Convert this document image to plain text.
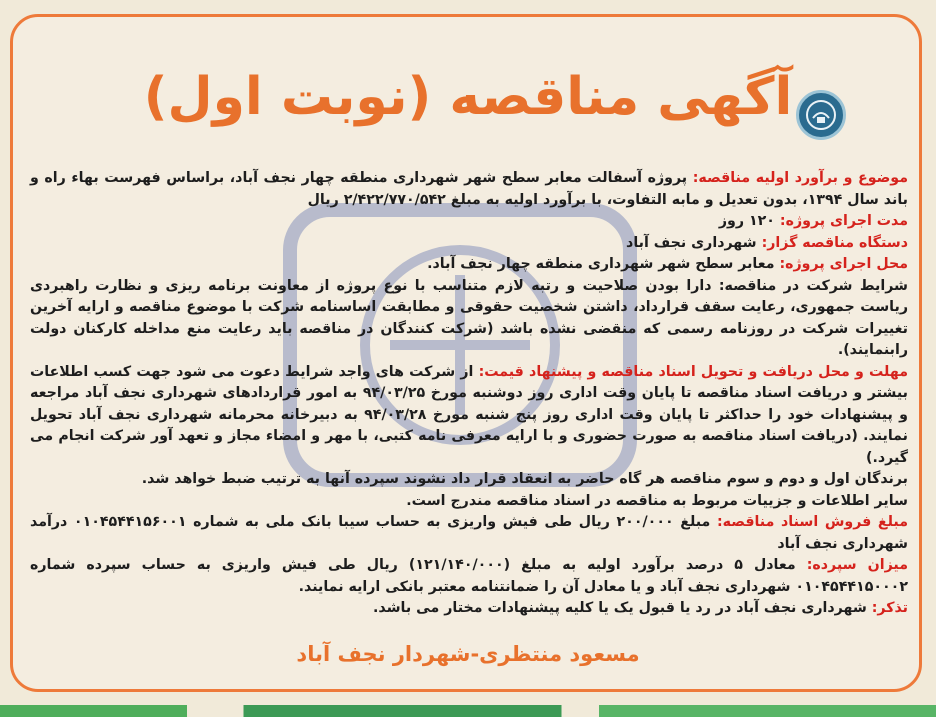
آگهی مناقصه (نوبت اول)

موضوع و برآورد اولیه مناقصه: پروژه آسفالت معابر سطح شهر شهرداری منطقه چهار نجف آباد، براساس فهرست بهاء راه و باند سال ۱۳۹۴، بدون تعدیل و مابه التفاوت، با برآورد اولیه به مبلغ ۲/۴۲۲/۷۷۰/۵۴۲ ریال

مدت اجرای پروژه: ۱۲۰ روز

دستگاه مناقصه گزار: شهرداری نجف آباد

محل اجرای پروژه: معابر سطح شهر شهرداری منطقه چهار نجف آباد.

شرایط شرکت در مناقصه: دارا بودن صلاحیت و رتبه لازم متناسب با نوع پروژه از معاونت برنامه ریزی و نظارت راهبردی ریاست جمهوری، رعایت سقف قرارداد، داشتن شخصیت حقوقی و مطابقت اساسنامه شرکت با موضوع مناقصه و ارایه آخرین تغییرات شرکت در روزنامه رسمی که منقضی نشده باشد (شرکت کنندگان در مناقصه باید رعایت منع مداخله کارکنان دولت رابنمایند).

مهلت و محل دریافت و تحویل اسناد مناقصه و پیشنهاد قیمت: از شرکت های واجد شرایط دعوت می شود جهت کسب اطلاعات بیشتر و دریافت اسناد مناقصه تا پایان وقت اداری روز دوشنبه مورخ ۹۴/۰۳/۲۵ به امور قراردادهای شهرداری نجف آباد مراجعه و پیشنهادات خود را حداکثر تا پایان وقت اداری روز پنج شنبه مورخ ۹۴/۰۳/۲۸ به دبیرخانه محرمانه شهرداری نجف آباد تحویل نمایند. (دریافت اسناد مناقصه به صورت حضوری و با ارایه معرفی نامه کتبی، با مهر و امضاء مجاز و تعهد آور شرکت انجام می گیرد.)

برندگان اول و دوم و سوم مناقصه هر گاه حاضر به انعقاد قرار داد نشوند سپرده آنها به ترتیب ضبط خواهد شد.

سایر اطلاعات و جزییات مربوط به مناقصه در اسناد مناقصه مندرج است.

مبلغ فروش اسناد مناقصه: مبلغ ۲۰۰/۰۰۰ ریال طی فیش واریزی به حساب سیبا بانک ملی به شماره ۰۱۰۴۵۴۴۱۵۶۰۰۱ درآمد شهرداری نجف آباد

میزان سپرده: معادل ۵ درصد برآورد اولیه به مبلغ (۱۲۱/۱۴۰/۰۰۰) ریال طی فیش واریزی به حساب سپرده شماره ۰۱۰۴۵۴۴۱۵۰۰۰۲ شهرداری نجف آباد و یا معادل آن را ضمانتنامه معتبر بانکی ارایه نمایند.

تذکر: شهرداری نجف آباد در رد یا قبول یک یا کلیه پیشنهادات مختار می باشد.

مسعود منتظری-شهردار نجف آباد
